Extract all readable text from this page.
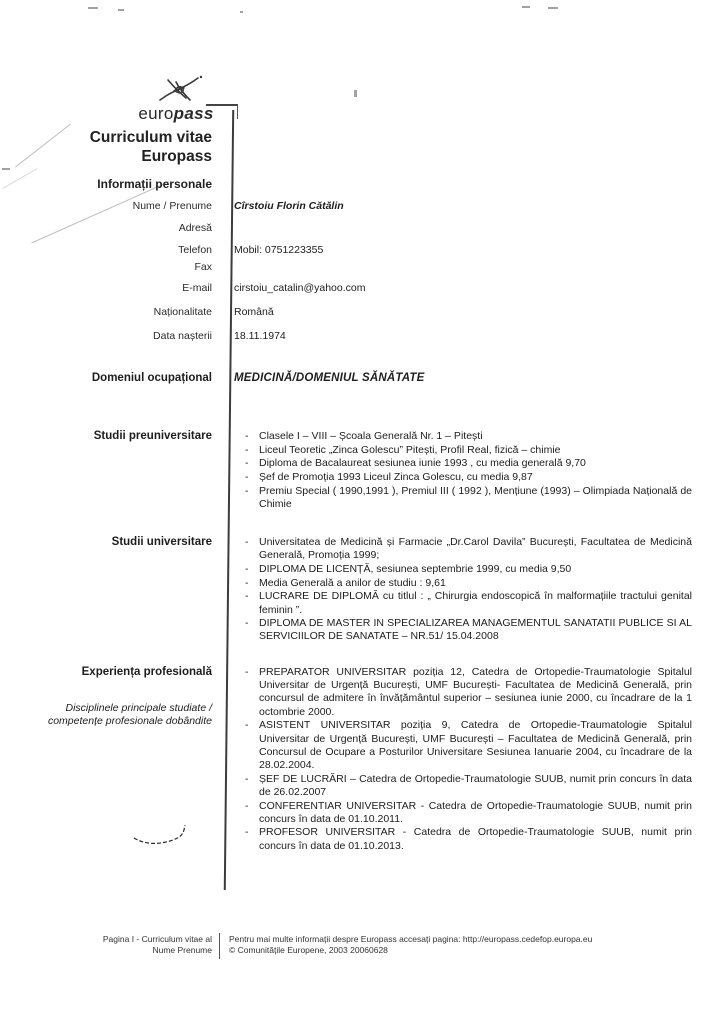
europass
Curriculum vitae
Europass
Informații personale
Nume / Prenume	Cîrstoiu Florin Cătălin
Adresă
Telefon	Mobil: 0751223355
Fax
E-mail	cirstoiu_catalin@yahoo.com
Naționalitate	Română
Data nașterii	18.11.1974
Domeniul ocupațional	MEDICINĂ/DOMENIUL SĂNĂTATE
Studii preuniversitare	-	Clasele I – VIII – Școala Generală Nr. 1 – Pitești
-	Liceul Teoretic „Zinca Golescu” Pitești, Profil Real, fizică – chimie
-	Diploma de Bacalaureat sesiunea iunie 1993 , cu media generală 9,70
-	Șef de Promoția 1993 Liceul Zinca Golescu, cu media 9,87
-	Premiu Special ( 1990,1991 ), Premiul III ( 1992 ), Mențiune (1993) – Olimpiada Națională de Chimie
Studii universitare	-	Universitatea de Medicină și Farmacie „Dr.Carol Davila” București, Facultatea de Medicină Generală, Promoția 1999;
-	DIPLOMA DE LICENȚĂ, sesiunea septembrie 1999, cu media 9,50
-	Media Generală a anilor de studiu : 9,61
-	LUCRARE DE DIPLOMĂ cu titlul : „ Chirurgia endoscopică în malformațiile tractului genital feminin ”.
-	DIPLOMA DE MASTER IN SPECIALIZAREA MANAGEMENTUL SANATATII PUBLICE SI AL SERVICIILOR DE SANATATE – NR.51/ 15.04.2008
Experiența profesională
Disciplinele principale studiate /
competențe profesionale dobândite
-	PREPARATOR UNIVERSITAR poziția 12, Catedra de Ortopedie-Traumatologie Spitalul Universitar de Urgență București, UMF București- Facultatea de Medicină Generală, prin concursul de admitere în învățământul superior – sesiunea iunie 2000, cu încadrare de la 1 octombrie 2000.
-	ASISTENT UNIVERSITAR poziția 9, Catedra de Ortopedie-Traumatologie Spitalul Universitar de Urgență București, UMF București – Facultatea de Medicină Generală, prin Concursul de Ocupare a Posturilor Universitare Sesiunea Ianuarie 2004, cu încadrare de la 28.02.2004.
-	ȘEF DE LUCRĂRI – Catedra de Ortopedie-Traumatologie SUUB, numit prin concurs în data de 26.02.2007
-	CONFERENTIAR UNIVERSITAR - Catedra de Ortopedie-Traumatologie SUUB, numit prin concurs în data de 01.10.2011.
-	PROFESOR UNIVERSITAR - Catedra de Ortopedie-Traumatologie SUUB, numit prin concurs în data de 01.10.2013.
Pagina I - Curriculum vitae al
Nume Prenume
Pentru mai multe informații despre Europass accesați pagina: http://europass.cedefop.europa.eu
© Comunitățile Europene, 2003 20060628
